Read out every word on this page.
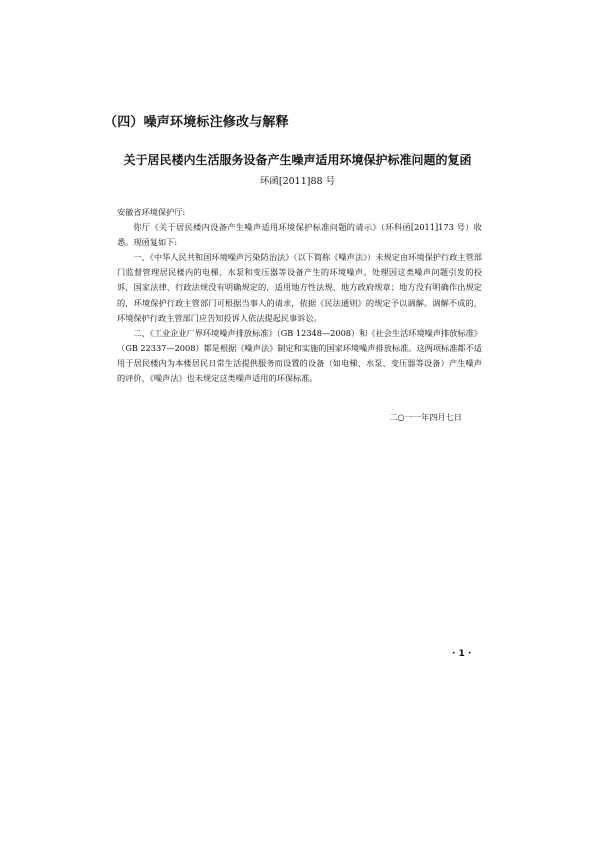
（四）噪声环境标注修改与解释
关于居民楼内生活服务设备产生噪声适用环境保护标准问题的复函
环函[2011]88 号

安徽省环境保护厅:

你厅《关于居民楼内设备产生噪声适用环境保护标准问题的请示》（环科函[2011]173 号）收悉。现函复如下:

一、《中华人民共和国环境噪声污染防治法》（以下简称《噪声法》）未规定由环境保护行政主管部门监督管理居民楼内的电梯、水泵和变压器等设备产生的环境噪声。处理因这类噪声问题引发的投诉，国家法律、行政法规没有明确规定的，适用地方性法规、地方政府规章；地方没有明确作出规定的，环境保护行政主管部门可根据当事人的请求，依据《民法通则》的规定予以调解。调解不成的，环境保护行政主管部门应告知投诉人依法提起民事诉讼。

二、《工业企业厂界环境噪声排放标准》（GB 12348—2008）和《社会生活环境噪声排放标准》（GB 22337—2008）都是根据《噪声法》制定和实施的国家环境噪声排放标准。这两项标准都不适用于居民楼内为本楼居民日常生活提供服务而设置的设备（如电梯、水泵、变压器等设备）产生噪声的评价，《噪声法》也未规定这类噪声适用的环保标准。

二○一一年四月七日
· 1 ·
